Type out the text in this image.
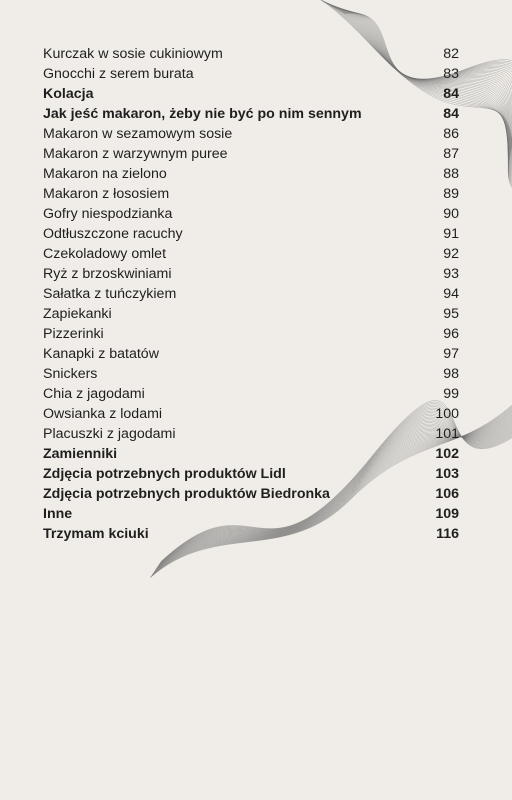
Kurczak w sosie cukiniowym	82
Gnocchi z serem burata	83
Kolacja	84
Jak jeść makaron, żeby nie być po nim sennym	84
Makaron w sezamowym sosie	86
Makaron z warzywnym puree	87
Makaron na zielono	88
Makaron z łososiem	89
Gofry niespodzianka	90
Odtłuszczone racuchy	91
Czekoladowy omlet	92
Ryż z brzoskwiniami	93
Sałatka z tuńczykiem	94
Zapiekanki	95
Pizzerinki	96
Kanapki z batatów	97
Snickers	98
Chia z jagodami	99
Owsianka z lodami	100
Placuszki z jagodami	101
Zamienniki	102
Zdjęcia potrzebnych produktów Lidl	103
Zdjęcia potrzebnych produktów Biedronka	106
Inne	109
Trzymam kciuki	116
